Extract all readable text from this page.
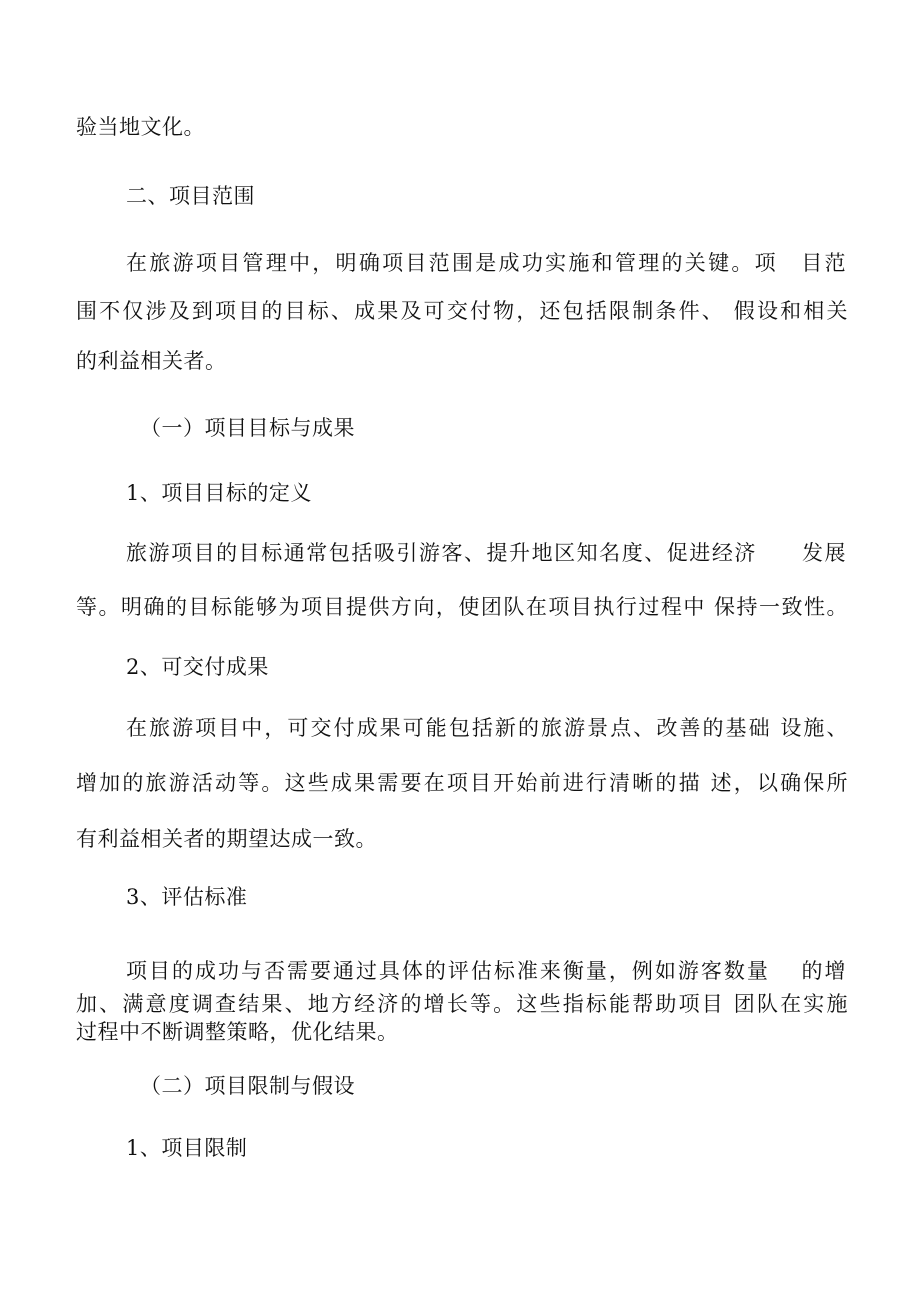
验当地文化。
二、项目范围
在旅游项目管理中，明确项目范围是成功实施和管理的关键。项　目范
围不仅涉及到项目的目标、成果及可交付物，还包括限制条件、 假设和相关
的利益相关者。
（一）项目目标与成果
1、项目目标的定义
旅游项目的目标通常包括吸引游客、提升地区知名度、促进经济　　发展
等。明确的目标能够为项目提供方向，使团队在项目执行过程中 保持一致性。
2、可交付成果
在旅游项目中，可交付成果可能包括新的旅游景点、改善的基础 设施、
增加的旅游活动等。这些成果需要在项目开始前进行清晰的描 述，以确保所
有利益相关者的期望达成一致。
3、评估标准
项目的成功与否需要通过具体的评估标准来衡量，例如游客数量　 的增
加、满意度调查结果、地方经济的增长等。这些指标能帮助项目 团队在实施
过程中不断调整策略，优化结果。
（二）项目限制与假设
1、项目限制
